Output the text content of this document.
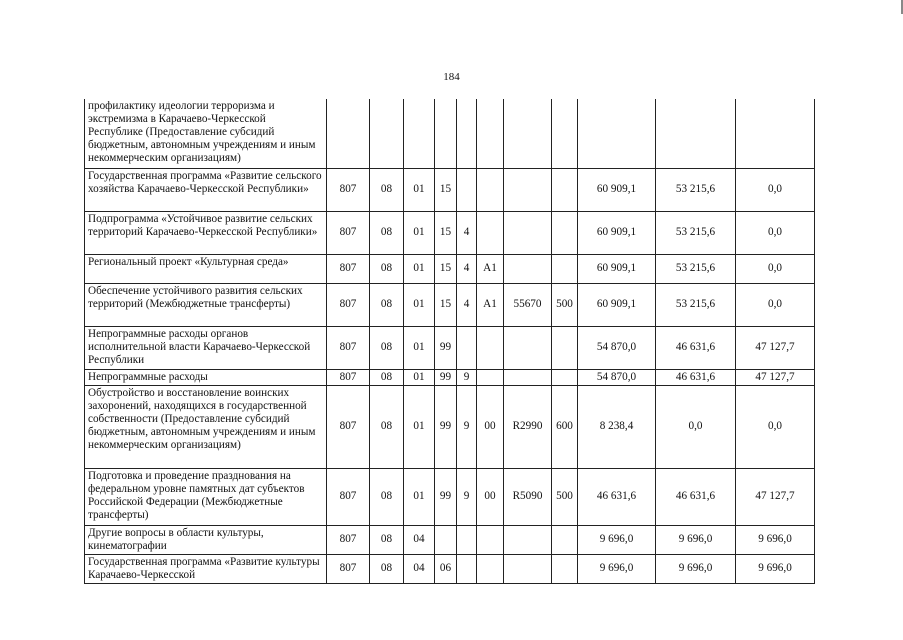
184
профилактику идеологии терроризма и экстремизма в Карачаево-Черкесской Республике (Предоставление субсидий бюджетным, автономным учреждениям и иным некоммерческим организациям)											
Государственная программа «Развитие сельского хозяйства Карачаево-Черкесской Республики»	807	08	01	15					60 909,1	53 215,6	0,0
Подпрограмма «Устойчивое развитие сельских территорий Карачаево-Черкесской Республики»	807	08	01	15	4				60 909,1	53 215,6	0,0
Региональный проект «Культурная среда»	807	08	01	15	4	А1			60 909,1	53 215,6	0,0
Обеспечение устойчивого развития сельских территорий (Межбюджетные трансферты)	807	08	01	15	4	А1	55670	500	60 909,1	53 215,6	0,0
Непрограммные расходы органов исполнительной власти Карачаево-Черкесской Республики	807	08	01	99					54 870,0	46 631,6	47 127,7
Непрограммные расходы	807	08	01	99	9				54 870,0	46 631,6	47 127,7
Обустройство и восстановление воинских захоронений, находящихся в государственной собственности (Предоставление субсидий бюджетным, автономным учреждениям и иным некоммерческим организациям)	807	08	01	99	9	00	R2990	600	8 238,4	0,0	0,0
Подготовка и проведение празднования на федеральном уровне памятных дат субъектов Российской Федерации (Межбюджетные трансферты)	807	08	01	99	9	00	R5090	500	46 631,6	46 631,6	47 127,7
Другие вопросы в области культуры, кинематографии	807	08	04						9 696,0	9 696,0	9 696,0
Государственная программа «Развитие культуры Карачаево-Черкесской	807	08	04	06					9 696,0	9 696,0	9 696,0
